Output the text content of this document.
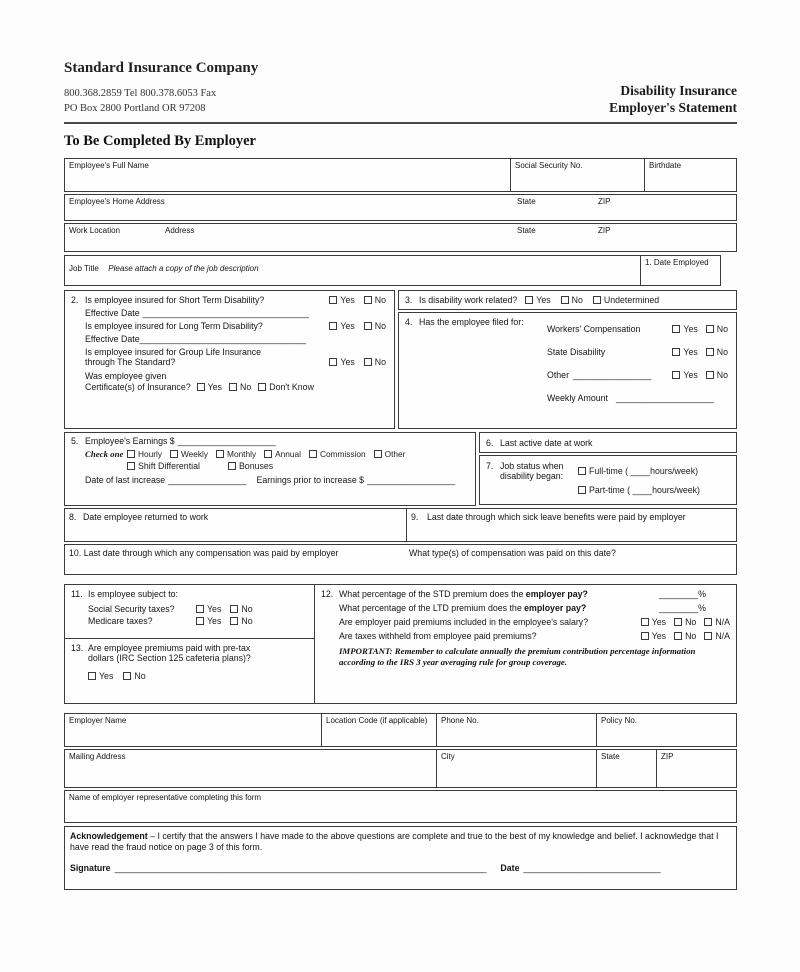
Standard Insurance Company
800.368.2859 Tel 800.378.6053 Fax
PO Box 2800 Portland OR 97208
Disability Insurance
Employer's Statement
To Be Completed By Employer
Employee's Full Name	Social Security No.	Birthdate
Employee's Home Address	State	ZIP
Work Location	Address	State	ZIP
Job Title Please attach a copy of the job description
1. Date Employed
2. Is employee insured for Short Term Disability?	Yes No
Effective Date __________________________________
Is employee insured for Long Term Disability?	Yes No
Effective Date __________________________________
Is employee insured for Group Life Insurance
through The Standard?	Yes No
Was employee given
Certificate(s) of Insurance? Yes No Don't Know
3. Is disability work related? Yes No Undetermined
4. Has the employee filed for:
Workers' Compensation	Yes No
State Disability	Yes No
Other ________________	Yes No
Weekly Amount ____________________
5. Employee's Earnings $ ____________________
Check one	Hourly Weekly Monthly Annual Commission Other
Shift Differential	Bonuses
Date of last increase ________________ Earnings prior to increase $ __________________
6. Last active date at work
7. Job status when
disability began:
Full-time ( ____hours/week)
Part-time ( ____hours/week)
8. Date employee returned to work	9. Last date through which sick leave benefits were paid by employer
10. Last date through which any compensation was paid by employer	What type(s) of compensation was paid on this date?
11. Is employee subject to:
Social Security taxes?	Yes No
Medicare taxes?	Yes No
13. Are employee premiums paid with pre-tax
dollars (IRC Section 125 cafeteria plans)?
Yes No
12. What percentage of the STD premium does the employer pay?	________%
What percentage of the LTD premium does the employer pay?	________%
Are employer paid premiums included in the employee's salary?	Yes No N/A
Are taxes withheld from employee paid premiums?	Yes No N/A
IMPORTANT: Remember to calculate annually the premium contribution percentage information according to the IRS 3 year averaging rule for group coverage.
Employer Name	Location Code (if applicable)	Phone No.	Policy No.
Mailing Address	City	State	ZIP
Name of employer representative completing this form
Acknowledgement – I certify that the answers I have made to the above questions are complete and true to the best of my knowledge and belief. I acknowledge that I have read the fraud notice on page 3 of this form.
Signature ____________________________________________________________________________ Date ____________________________
